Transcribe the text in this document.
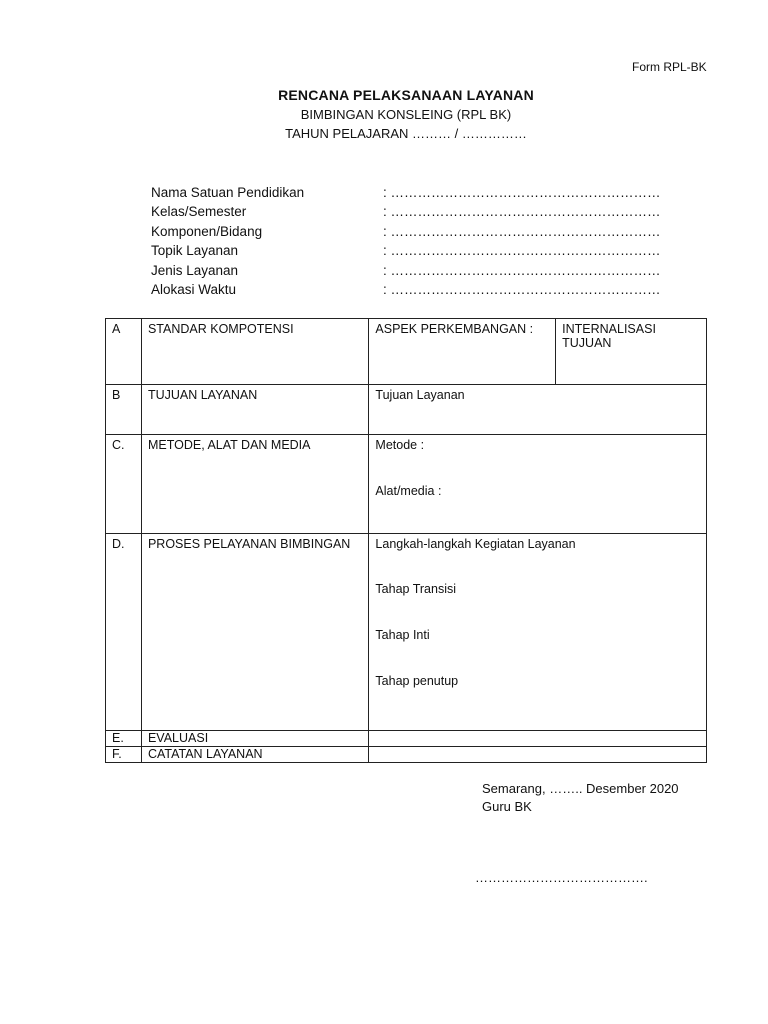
Form RPL-BK
RENCANA PELAKSANAAN LAYANAN
BIMBINGAN KONSLEING (RPL BK)
TAHUN PELAJARAN ……… / ……………
Nama Satuan Pendidikan	: ……………………………………………………
Kelas/Semester	: ……………………………………………………
Komponen/Bidang	: ……………………………………………………
Topik Layanan	: ……………………………………………………
Jenis Layanan	: ……………………………………………………
Alokasi Waktu	: ……………………………………………………
A	STANDAR KOMPOTENSI	ASPEK PERKEMBANGAN :	INTERNALISASI TUJUAN
B	TUJUAN LAYANAN	Tujuan Layanan	
C.	METODE, ALAT DAN MEDIA	Metode :
Alat/media :	

D.	PROSES PELAYANAN BIMBINGAN	Langkah-langkah Kegiatan Layanan
Tahap Transisi
Tahap Inti
Tahap penutup	

E.	EVALUASI		
F.	CATATAN LAYANAN		
Semarang, …….. Desember 2020
Guru BK
………………………………….
